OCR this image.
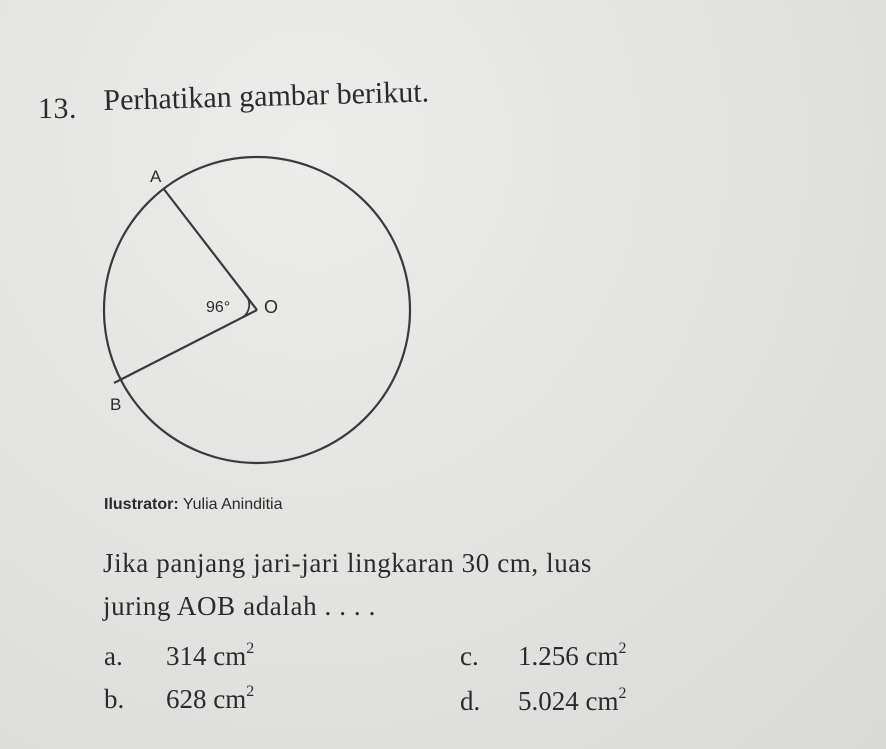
13. Perhatikan gambar berikut.
A
B
O
96°
Ilustrator: Yulia Aninditia
Jika panjang jari-jari lingkaran 30 cm, luas
juring AOB adalah . . . .
a. 314 $cm^2$
b. 628 $cm^2$
c. 1.256 $cm^2$
d. 5.024 $cm^2$
